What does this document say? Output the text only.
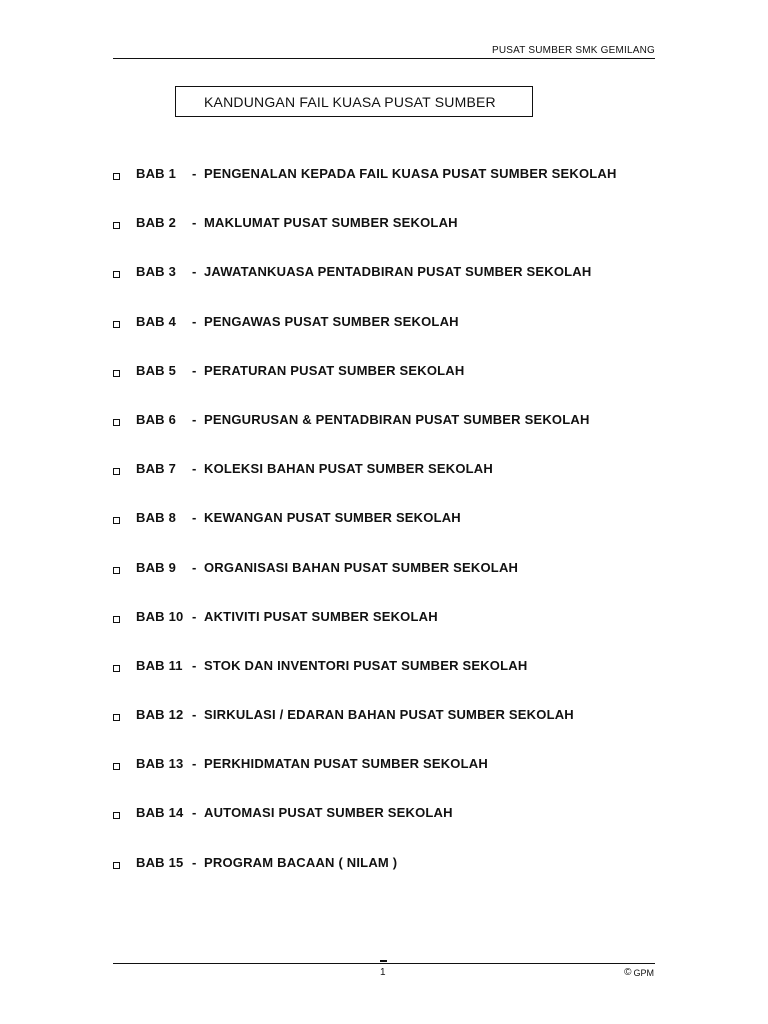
PUSAT SUMBER SMK GEMILANG
KANDUNGAN FAIL KUASA PUSAT SUMBER
BAB 1	- PENGENALAN KEPADA FAIL KUASA PUSAT SUMBER SEKOLAH
BAB 2	- MAKLUMAT PUSAT SUMBER SEKOLAH
BAB 3	- JAWATANKUASA PENTADBIRAN PUSAT SUMBER SEKOLAH
BAB 4	- PENGAWAS PUSAT SUMBER SEKOLAH
BAB 5	- PERATURAN PUSAT SUMBER SEKOLAH
BAB 6	- PENGURUSAN & PENTADBIRAN PUSAT SUMBER SEKOLAH
BAB 7	- KOLEKSI BAHAN PUSAT SUMBER SEKOLAH
BAB 8	- KEWANGAN PUSAT SUMBER SEKOLAH
BAB 9	- ORGANISASI BAHAN PUSAT SUMBER SEKOLAH
BAB 10 - AKTIVITI PUSAT SUMBER SEKOLAH
BAB 11 - STOK DAN INVENTORI PUSAT SUMBER SEKOLAH
BAB 12 - SIRKULASI / EDARAN BAHAN PUSAT SUMBER SEKOLAH
BAB 13 - PERKHIDMATAN PUSAT SUMBER SEKOLAH
BAB 14 - AUTOMASI PUSAT SUMBER SEKOLAH
BAB 15 - PROGRAM BACAAN ( NILAM )
1	© GPM
